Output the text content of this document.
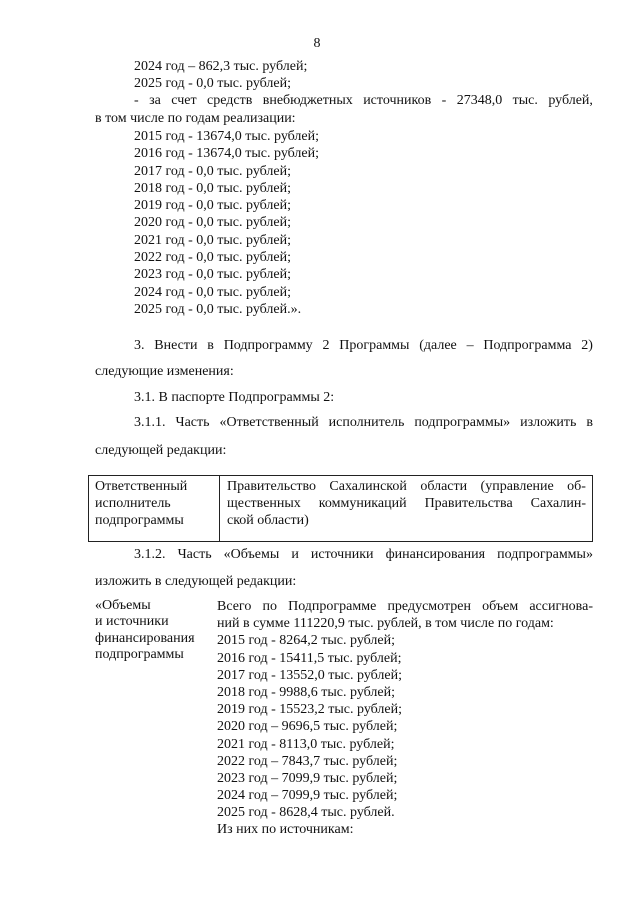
8
2024 год – 862,3 тыс. рублей;
2025 год - 0,0 тыс. рублей;
- за счет средств внебюджетных источников - 27348,0 тыс. рублей,
в том числе по годам реализации:
2015 год - 13674,0 тыс. рублей;
2016 год - 13674,0 тыс. рублей;
2017 год - 0,0 тыс. рублей;
2018 год - 0,0 тыс. рублей;
2019 год - 0,0 тыс. рублей;
2020 год - 0,0 тыс. рублей;
2021 год - 0,0 тыс. рублей;
2022 год - 0,0 тыс. рублей;
2023 год - 0,0 тыс. рублей;
2024 год - 0,0 тыс. рублей;
2025 год - 0,0 тыс. рублей.».
3. Внести в Подпрограмму 2 Программы (далее – Подпрограмма 2)
следующие изменения:
3.1. В паспорте Подпрограммы 2:
3.1.1. Часть «Ответственный исполнитель подпрограммы» изложить в
следующей редакции:
Ответственный
исполнитель
подпрограммы
Правительство Сахалинской области (управление об-
щественных коммуникаций Правительства Сахалин-
ской области)
3.1.2. Часть «Объемы и источники финансирования подпрограммы»
изложить в следующей редакции:
«Объемы
и источники
финансирования
подпрограммы
Всего по Подпрограмме предусмотрен объем ассигнова-
ний в сумме 111220,9 тыс. рублей, в том числе по годам:
2015 год - 8264,2 тыс. рублей;
2016 год - 15411,5 тыс. рублей;
2017 год - 13552,0 тыс. рублей;
2018 год - 9988,6 тыс. рублей;
2019 год - 15523,2 тыс. рублей;
2020 год – 9696,5 тыс. рублей;
2021 год - 8113,0 тыс. рублей;
2022 год – 7843,7 тыс. рублей;
2023 год – 7099,9 тыс. рублей;
2024 год – 7099,9 тыс. рублей;
2025 год - 8628,4 тыс. рублей.
Из них по источникам:
